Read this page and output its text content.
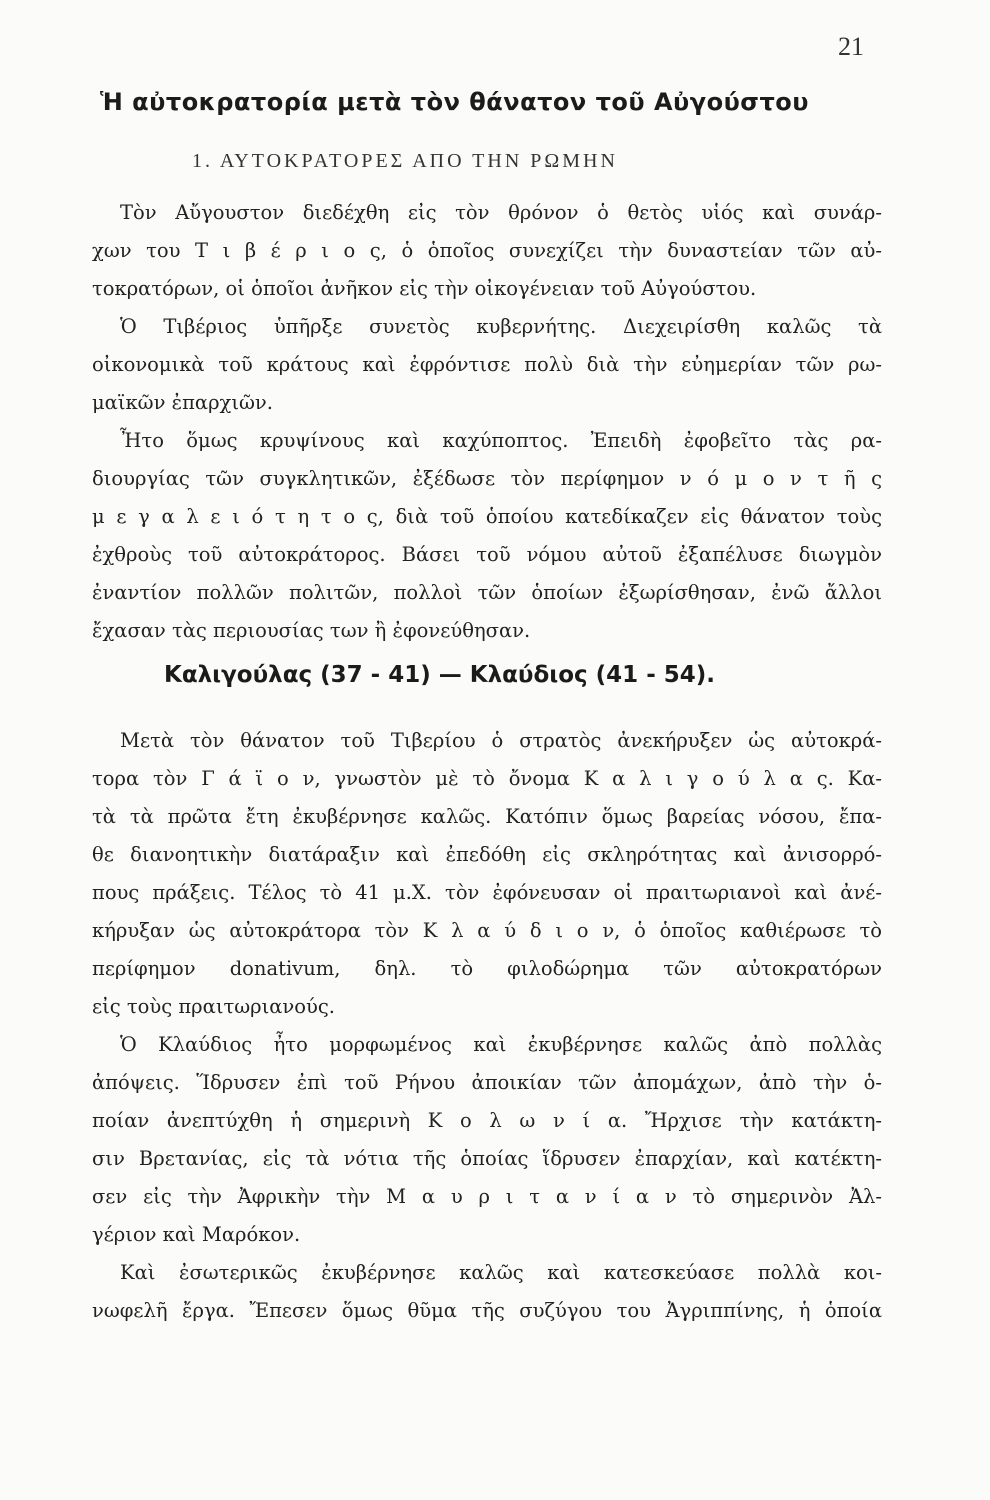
21
Ἡ αὐτοκρατορία μετὰ τὸν θάνατον τοῦ Αὐγούστου
1. ΑΥΤΟΚΡΑΤΟΡΕΣ ΑΠΟ ΤΗΝ ΡΩΜΗΝ
Τὸν Αὔγουστον διεδέχθη εἰς τὸν θρόνον ὁ θετὸς υἱός καὶ συνάρ-
χων του Τ ι β έ ρ ι ο ς, ὁ ὁποῖος συνεχίζει τὴν δυναστείαν τῶν αὐ-
τοκρατόρων, οἱ ὁποῖοι ἀνῆκον εἰς τὴν οἰκογένειαν τοῦ Αὐγούστου.
Ὁ Τιβέριος ὑπῆρξε συνετὸς κυβερνήτης. Διεχειρίσθη καλῶς τὰ
οἰκονομικὰ τοῦ κράτους καὶ ἐφρόντισε πολὺ διὰ τὴν εὐημερίαν τῶν ρω-
μαϊκῶν ἐπαρχιῶν.
Ἦτο ὅμως κρυψίνους καὶ καχύποπτος. Ἐπειδὴ ἐφοβεῖτο τὰς ρα-
διουργίας τῶν συγκλητικῶν, ἐξέδωσε τὸν περίφημον ν ό μ ο ν τ ῆ ς
μ ε γ α λ ε ι ό τ η τ ο ς, διὰ τοῦ ὁποίου κατεδίκαζεν εἰς θάνατον τοὺς
ἐχθροὺς τοῦ αὐτοκράτορος. Βάσει τοῦ νόμου αὐτοῦ ἐξαπέλυσε διωγμὸν
ἐναντίον πολλῶν πολιτῶν, πολλοὶ τῶν ὁποίων ἐξωρίσθησαν, ἐνῶ ἄλλοι
ἔχασαν τὰς περιουσίας των ἢ ἐφονεύθησαν.
Καλιγούλας (37 - 41) — Κλαύδιος (41 - 54).
Μετὰ τὸν θάνατον τοῦ Τιβερίου ὁ στρατὸς ἀνεκήρυξεν ὡς αὐτοκρά-
τορα τὸν Γ ά ϊ ο ν, γνωστὸν μὲ τὸ ὄνομα Κ α λ ι γ ο ύ λ α ς. Κα-
τὰ τὰ πρῶτα ἔτη ἐκυβέρνησε καλῶς. Κατόπιν ὅμως βαρείας νόσου, ἔπα-
θε διανοητικὴν διατάραξιν καὶ ἐπεδόθη εἰς σκληρότητας καὶ ἀνισορρό-
πους πράξεις. Τέλος τὸ 41 μ.Χ. τὸν ἐφόνευσαν οἱ πραιτωριανοὶ καὶ ἀνέ-
κήρυξαν ὡς αὐτοκράτορα τὸν Κ λ α ύ δ ι ο ν, ὁ ὁποῖος καθιέρωσε τὸ
περίφημον donativum, δηλ. τὸ φιλοδώρημα τῶν αὐτοκρατόρων
εἰς τοὺς πραιτωριανούς.
Ὁ Κλαύδιος ἦτο μορφωμένος καὶ ἐκυβέρνησε καλῶς ἀπὸ πολλὰς
ἀπόψεις. Ἵδρυσεν ἐπὶ τοῦ Ρήνου ἀποικίαν τῶν ἀπομάχων, ἀπὸ τὴν ὁ-
ποίαν ἀνεπτύχθη ἡ σημερινὴ Κ ο λ ω ν ί α. Ἤρχισε τὴν κατάκτη-
σιν Βρετανίας, εἰς τὰ νότια τῆς ὁποίας ἵδρυσεν ἐπαρχίαν, καὶ κατέκτη-
σεν εἰς τὴν Ἀφρικὴν τὴν Μ α υ ρ ι τ α ν ί α ν τὸ σημερινὸν Ἀλ-
γέριον καὶ Μαρόκον.
Καὶ ἐσωτερικῶς ἐκυβέρνησε καλῶς καὶ κατεσκεύασε πολλὰ κοι-
νωφελῆ ἔργα. Ἔπεσεν ὅμως θῦμα τῆς συζύγου του Ἀγριππίνης, ἡ ὁποία
